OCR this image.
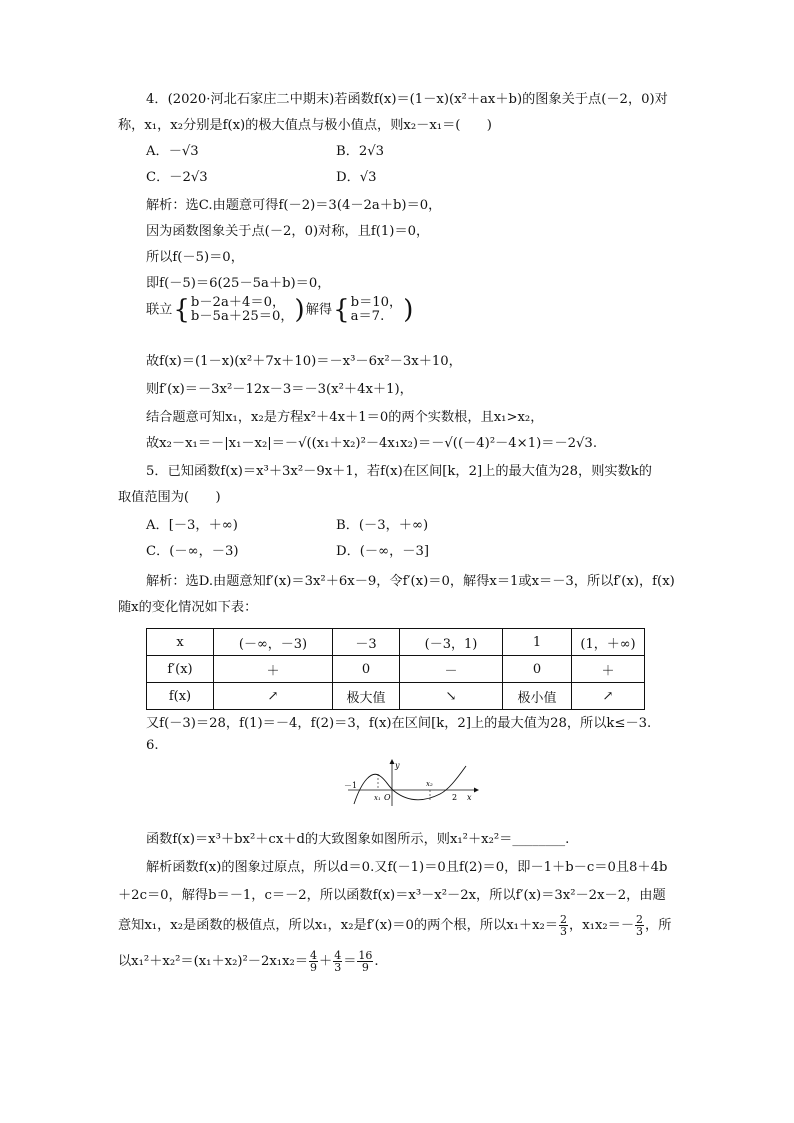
4．(2020·河北石家庄二中期末)若函数f(x)＝(1－x)(x²＋ax＋b)的图象关于点(－2，0)对
称，x₁，x₂分别是f(x)的极大值点与极小值点，则x₂－x₁＝(　　)
A．－√3	B．2√3
C．－2√3	D．√3
解析：选C.由题意可得f(－2)＝3(4－2a＋b)＝0，
因为函数图象关于点(－2，0)对称，且f(1)＝0，
所以f(－5)＝0，
即f(－5)＝6(25－5a＋b)＝0，
联立{ b－2a＋4＝0，
b－5a＋25＝0， )解得{ b＝10，
a＝7. )
故f(x)＝(1－x)(x²＋7x＋10)＝－x³－6x²－3x＋10，
则f′(x)＝－3x²－12x－3＝－3(x²＋4x＋1)，
结合题意可知x₁，x₂是方程x²＋4x＋1＝0的两个实数根，且x₁>x₂，
故x₂－x₁＝－|x₁－x₂|＝－√((x₁＋x₂)²－4x₁x₂)＝－√((－4)²－4×1)＝－2√3.
5．已知函数f(x)＝x³＋3x²－9x＋1，若f(x)在区间[k，2]上的最大值为28，则实数k的
取值范围为(　　)
A．[－3，＋∞)	B．(－3，＋∞)
C．(－∞，－3)	D．(－∞，－3]
解析：选D.由题意知f′(x)＝3x²＋6x－9，令f′(x)＝0，解得x＝1或x＝－3，所以f′(x)，f(x)
随x的变化情况如下表：
x	(－∞，－3)	－3	(－3，1)	1	(1，＋∞)
f′(x)	＋	0	－	0	＋
f(x)	↗	极大值	↘	极小值	↗
又f(－3)＝28，f(1)＝－4，f(2)＝3，f(x)在区间[k，2]上的最大值为28，所以k≤－3.
6.
y
x
O
－1
x₁
x₂
2
函数f(x)＝x³＋bx²＋cx＋d的大致图象如图所示，则x₁²＋x₂²＝________.
解析函数f(x)的图象过原点，所以d＝0.又f(－1)＝0且f(2)＝0，即－1＋b－c＝0且8＋4b
＋2c＝0，解得b＝－1，c＝－2，所以函数f(x)＝x³－x²－2x，所以f′(x)＝3x²－2x－2，由题
意知x₁，x₂是函数的极值点，所以x₁，x₂是f′(x)＝0的两个根，所以$x_1+x_2= \frac{2}{3}$ ，$x_1x_2=- \frac{2}{3}$ ，所
以$x_1^2+x_2^2=(x_1+x_2)^2-2x_1x_2= \frac{4}{9} + \frac{4}{3} = \frac{16}{9}$ .
